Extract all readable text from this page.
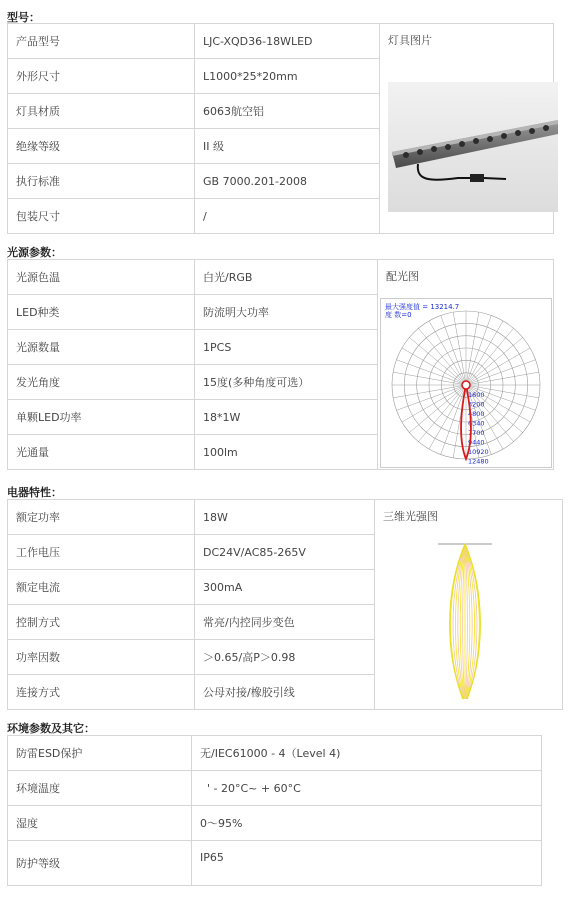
型号：
产品型号	LJC-XQD36-18WLED	灯具图片
外形尺寸	L1000*25*20mm	
灯具材质	6063航空铝	
绝缘等级	II 级	
执行标准	GB 7000.201-2008	
包装尺寸	/	
光源参数：
光源色温	白光/RGB	配光图
LED种类	防流明大功率	
光源数量	1PCS	
发光角度	15度(多种角度可选）	
单颗LED功率	18*1W	
光通量	100lm	
最大强度值 = 13214.7
度 数=0
1600
3200
4800
6340
7700
9440
10920
12480
电器特性：
额定功率	18W	三维光强图
工作电压	DC24V/AC85-265V	
额定电流	300mA	
控制方式	常亮/内控同步变色	
功率因数	＞0.65/高P＞0.98	
连接方式	公母对接/橡胶引线	
环境参数及其它：
防雷ESD保护	无/IEC61000 - 4（Level 4)
环境温度	' - 20°C~ + 60°C
湿度	0～95%
防护等级	IP65
